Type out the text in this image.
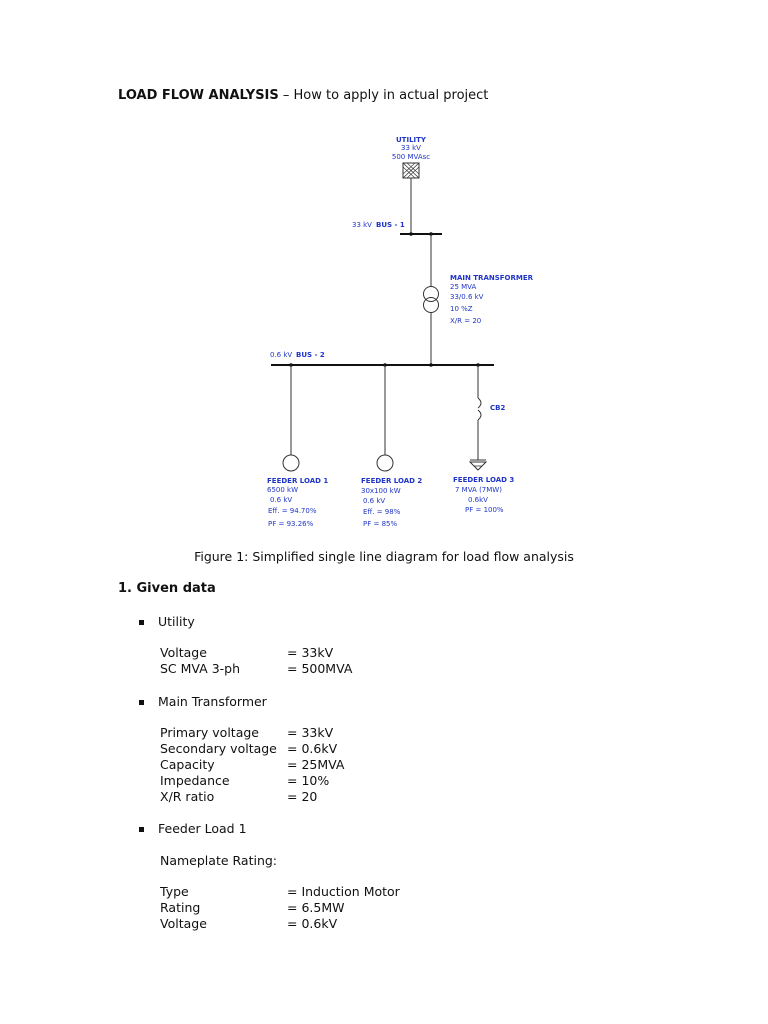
LOAD FLOW ANALYSIS – How to apply in actual project
UTILITY
33 kV
500 MVAsc
33 kV BUS - 1
MAIN TRANSFORMER
25 MVA
33/0.6 kV
10 %Z
X/R = 20
0.6 kV BUS - 2
FEEDER LOAD 1
6500 kW
0.6 kV
Eff. = 94.70%
PF = 93.26%
FEEDER LOAD 2
30x100 kW
0.6 kV
Eff. = 98%
PF = 85%
CB2
FEEDER LOAD 3
7 MVA (7MW)
0.6kV
PF = 100%
Figure 1: Simplified single line diagram for load flow analysis
1. Given data
Utility
Voltage	= 33kV
SC MVA 3-ph	= 500MVA
Main Transformer
Primary voltage = 33kV
Secondary voltage = 0.6kV
Capacity	= 25MVA
Impedance	= 10%
X/R ratio	= 20
Feeder Load 1
Nameplate Rating:
Type	= Induction Motor
Rating	= 6.5MW
Voltage	= 0.6kV
